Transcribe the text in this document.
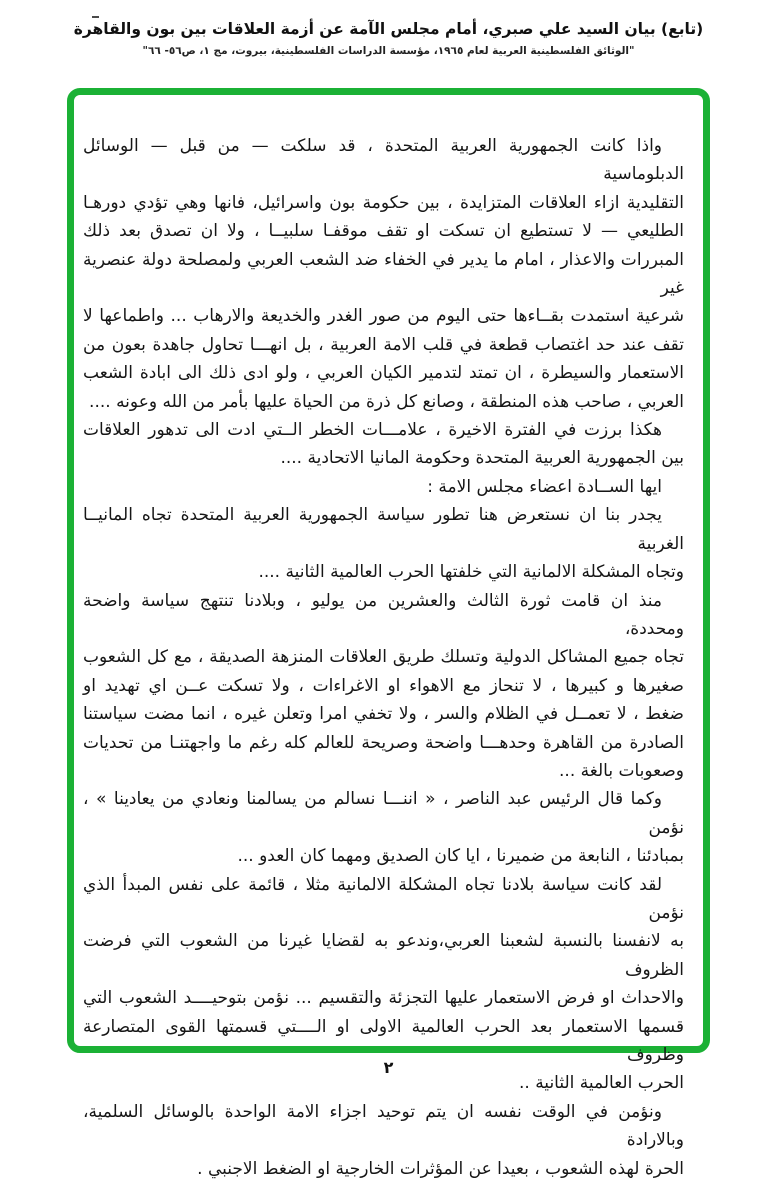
(تابع) بيان السيد علي صبري، أمام مجلس الآمة عن أزمة العلاقات بين بون والقاهرة
"الوثائق الفلسطينية العربية لعام ١٩٦٥، مؤسسة الدراسات الفلسطينية، بيروت، مج ١، ص٥٦- ٦٦"
واذا كانت الجمهورية العربية المتحدة ، قد سلكت — من قبل — الوسائل الدبلوماسية
التقليدية ازاء العلاقات المتزايدة ، بين حكومة بون واسرائيل، فانها وهي تؤدي دورهـا
الطليعي — لا تستطيع ان تسكت او تقف موقفـا سلبيــا ، ولا ان تصدق بعد ذلك
المبررات والاعذار ، امام ما يدير في الخفاء ضد الشعب العربي ولمصلحة دولة عنصرية غير
شرعية استمدت بقــاءها حتى اليوم من صور الغدر والخديعة والارهاب ... واطماعها لا
تقف عند حد اغتصاب قطعة في قلب الامة العربية ، بل انهـــا تحاول جاهدة بعون من
الاستعمار والسيطرة ، ان تمتد لتدمير الكيان العربي ، ولو ادى ذلك الى ابادة الشعب
العربي ، صاحب هذه المنطقة ، وصانع كل ذرة من الحياة عليها بأمر من الله وعونه ....
هكذا برزت في الفترة الاخيرة ، علامـــات الخطر الــتي ادت الى تدهور العلاقات
بين الجمهورية العربية المتحدة وحكومة المانيا الاتحادية ....
ايها الســادة اعضاء مجلس الامة :
يجدر بنا ان نستعرض هنا تطور سياسة الجمهورية العربية المتحدة تجاه المانيــا الغربية
وتجاه المشكلة الالمانية التي خلفتها الحرب العالمية الثانية ....
منذ ان قامت ثورة الثالث والعشرين من يوليو ، وبلادنا تنتهج سياسة واضحة ومحددة،
تجاه جميع المشاكل الدولية وتسلك طريق العلاقات المنزهة الصديقة ، مع كل الشعوب
صغيرها و كبيرها ، لا تنحاز مع الاهواء او الاغراءات ، ولا تسكت عــن اي تهديد او
ضغط ، لا تعمــل في الظلام والسر ، ولا تخفي امرا وتعلن غيره ، انما مضت سياستنا
الصادرة من القاهرة وحدهـــا واضحة وصريحة للعالم كله رغم ما واجهتنـا من تحديات
وصعوبات بالغة ...
وكما قال الرئيس عبد الناصر ، « اننـــا نسالم من يسالمنا ونعادي من يعادينا » ، نؤمن
بمبادئنا ، النابعة من ضميرنا ، ايا كان الصديق ومهما كان العدو ...
لقد كانت سياسة بلادنا تجاه المشكلة الالمانية مثلا ، قائمة على نفس المبدأ الذي نؤمن
به لانفسنا بالنسبة لشعبنا العربي،وندعو به لقضايا غيرنا من الشعوب التي فرضت الظروف
والاحداث او فرض الاستعمار عليها التجزئة والتقسيم ... نؤمن بتوحيــــد الشعوب التي
قسمها الاستعمار بعد الحرب العالمية الاولى او الــــتي قسمتها القوى المتصارعة وظروف
الحرب العالمية الثانية ..
ونؤمن في الوقت نفسه ان يتم توحيد اجزاء الامة الواحدة بالوسائل السلمية، وبالارادة
الحرة لهذه الشعوب ، بعيدا عن المؤثرات الخارجية او الضغط الاجنبي .
٢
